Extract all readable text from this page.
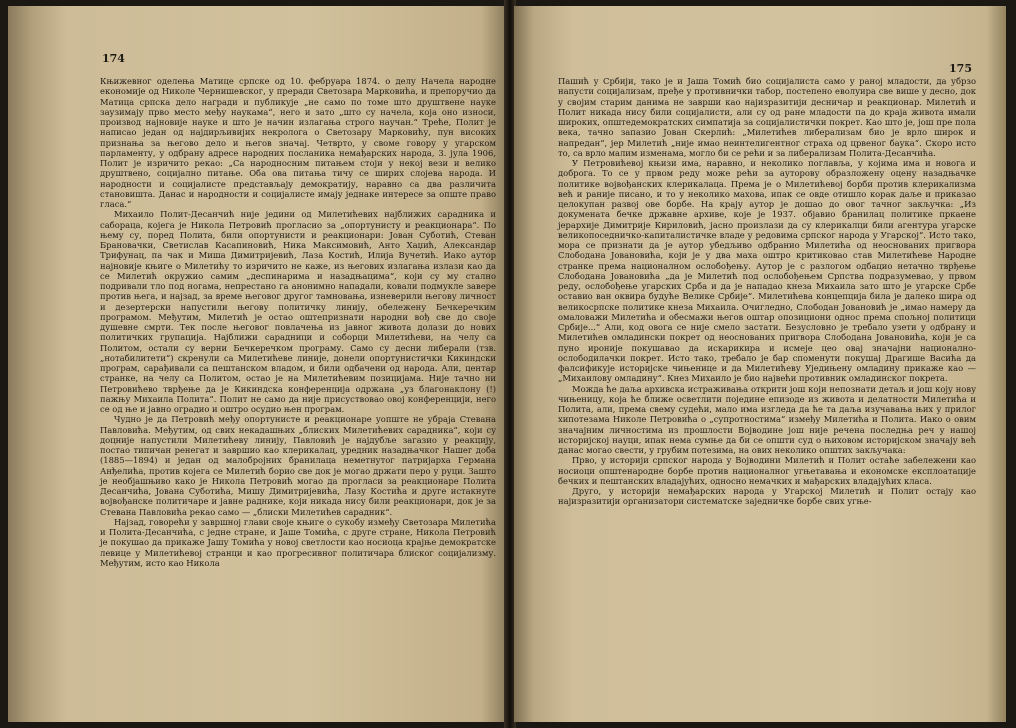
174

Књижевног оделења Матице српске од 10. фебруара 1874. о делу Начела народне економије од Николе Чернишевског, у преради Светозара Марковића, и препоручио да Матица српска дело награди и публикује „не само по томе што друштвене науке заузимају прво место међу наукама“, него и зато „што су начела, која оно износи, производ најновије науке и што је начин излагања строго научан.“ Треће, Полит је написао један од најдирљивијих некролога о Светозару Марковићу, пун високих признања за његово дело и његов значај. Четврто, у своме говору у угарском парламенту, у одбрану адресе народних посланика немађарских народа, 3. јула 1906, Полит је изричито рекао: „Са народносним питањем стоји у некој вези и велико друштвено, социјално питање. Оба ова питања тичу се ширих слојева народа. И народности и социјалисте представљају демократију, наравно са два различита становишта. Данас и народности и социјалисте имају једнаке интересе за опште право гласа.“

Михаило Полит-Десанчић није једини од Милетићевих најближих сарадника и сабораца, којега је Никола Петровић прогласио за „опортунисту и реакционара“. По њему су, поред Полита, били опортунисти и реакционари: Јован Суботић, Стеван Брановачки, Светислав Касапиновић, Ника Максимовић, Анто Хаџић, Александар Трифунац, па чак и Миша Димитријевић, Лаза Костић, Илија Вучетић. Иако аутор најновије књиге о Милетићу то изричито не каже, из његових излагања излази као да се Милетић окружио самим „деспинарима и назадњацима“, који су му стално подривали тло под ногама, непрестано га анонимно нападали, ковали подмукле завере против њега, и најзад, за време његовог другог тамновања, изневерили његову личност и дезертерски напустили његову политичку линију, обележену Бечкеречким програмом. Међутим, Милетић је остао оштепризнати народни вођ све до своје душевне смрти. Тек после његовог повлачења из јавног живота долази до нових политичких групација. Најближи сарадници и соборци Милетићеви, на челу са Политом, остали су верни Бечкеречком програму. Само су десни либерали (тзв. „нотабилитети“) скренули са Милетићеве линије, донели опортунистички Кикиндски програм, сарађивали са пештанском владом, и били одбачени од народа. Али, центар странке, на челу са Политом, остао је на Милетићевим позицијама. Није тачно ни Петровићево тврђење да је Кикиндска конференција одржана „уз благонаклону (!) пажњу Михаила Полита“. Полит не само да није присуствовао овој конференцији, него се од ње и јавно оградио и оштро осудио њен програм.

Чудно је да Петровић међу опортунисте и реакционаре уопште не убраја Стевана Павловића. Међутим, од свих некадашњих „блиских Милетићевих сарадника“, који су доцније напустили Милетићеву линију, Павловић је најдубље загазио у реакцију, постао типичан ренегат и завршио као клерикалац, уредник назадњачког Нашег доба (1885—1894) и један од малобројних бранилаца неметнутог патријарха Германа Анђелића, против којега се Милетић борио све док је могао држати перо у руци. Зашто је необјашњиво како је Никола Петровић могао да прогласи за реакционаре Полита Десанчића, Јована Суботића, Мишу Димитријевића, Лазу Костића и друге истакнуте војвођанске политичаре и јавне раднике, који никада нису били реакционари, док је за Стевана Павловића рекао само — „блиски Милетићев сарадник“.

Најзад, говорећи у завршној глави своје књиге о сукобу између Светозара Милетића и Полита-Десанчића, с једне стране, и Јаше Томића, с друге стране, Никола Петровић је покушао да прикаже Јашу Томића у новој светлости као носиоца крајње демократске левице у Милетићевој странци и као прогресивног политичара блиског социјализму. Међутим, исто као Никола

175

Пашић у Србији, тако је и Јаша Томић био социјалиста само у раној младости, да убрзо напусти социјализам, пређе у противнички табор, постепено еволуира све више у десно, док у своjим старим данима не заврши као најизразитији десничар и реакционар. Милетић и Полит никада нису били социјалисти, али су од ране младости па до краја живота имали широких, општедемократских симпатија за социјалистички покрет. Као што је, још пре пола века, тачно запазио Јован Скерлић: „Милетићев либерализам био је врло широк и напредан“, јер Милетић „није имао неинтелигентног страха од црвеног баука“. Скоро исто то, са врло малим изменама, могло би се рећи и за либерализам Полита-Десанчића.

У Петровићевој књизи има, наравно, и неколико поглавља, у којима има и новога и доброга. То се у првом реду може рећи за ауторову образложену оцену назадњачке политике војвођанских клерикалаца. Према је о Милетићевој борби против клерикализма већ и раније писано, и то у неколико махова, ипак се овде отишло корак даље и приказао целокупан развој ове борбе. На крају аутор је дошао до овог тачног закључка: „Из докумената бечке државне архиве, које је 1937. објавио бранилац политике пркаене јерархије Димитрије Кириловић, јасно произлази да су клерикалци били агентура угарске великопоседничко-капиталистичке владе у редовима српског народа у Угарској“. Исто тако, мора се признати да је аутор убедљиво одбранио Милетића од неоснованих пригвора Слободана Јовановића, који је у два маха оштро критиковао став Милетићеве Народне странке према националном ослобођењу. Аутор је с разлогом одбацио нетачно тврђење Слободана Јовановића „да је Милетић под ослобођењем Српства подразумевао, у првом реду, ослобођење угарских Срба и да је нападао кнеза Михаила зато што је угарске Србе оставио ван оквира будуће Велике Србије“. Милетићева концепција била је далеко шира од великосрпске политике кнеза Михаила. Очигледно, Слободан Јовановић је „имао намеру да омаловажи Милетића и обесмажи његов оштар опозициони однос према спољној политици Србије...“ Али, код овога се није смело застати. Безусловно је требало узети у одбрану и Милетићев омладински покрет од неоснованих пригвора Слободана Јовановића, који је са пуно ироније покушавао да искарикира и исмеје цео овај значајни национално-ослободилачки покрет. Исто тако, требало је бар споменути покушај Драгише Васића да фалсификује историјске чињенице и да Милетићеву Уједињену омладину прикаже као — „Михаилову омладину“. Кнез Михаило је био највећи противник омладинског покрета.

Можда ће даља архивска истраживања открити још који непознати детаљ и још коју нову чињеницу, која ће ближе осветлити поједине епизоде из живота и делатности Милетића и Полита, али, према свему судећи, мало има изгледа да ће та даља изучавања њих у прилог хипотезама Николе Петровића о „супротностима“ између Милетића и Полита. Иако о овим значајним личностима из прошлости Војводине још није речена последња реч у нашој историјској науци, ипак нема сумње да би се општи суд о њиховом историјском значају већ данас могао свести, у грубим потезима, на ових неколико општих закључака:

Прво, у историји српског народа у Војводини Милетић и Полит остаће забележени као носиоци општенародне борбе против националног угњетавања и економске експлоатације бечких и пештанских владајућих, односно немачких и мађарских владајућих класа.

Друго, у историји немађарских народа у Угарској Милетић и Полит остају као најизразитији организатори систематске заједничке борбе свих угње-
